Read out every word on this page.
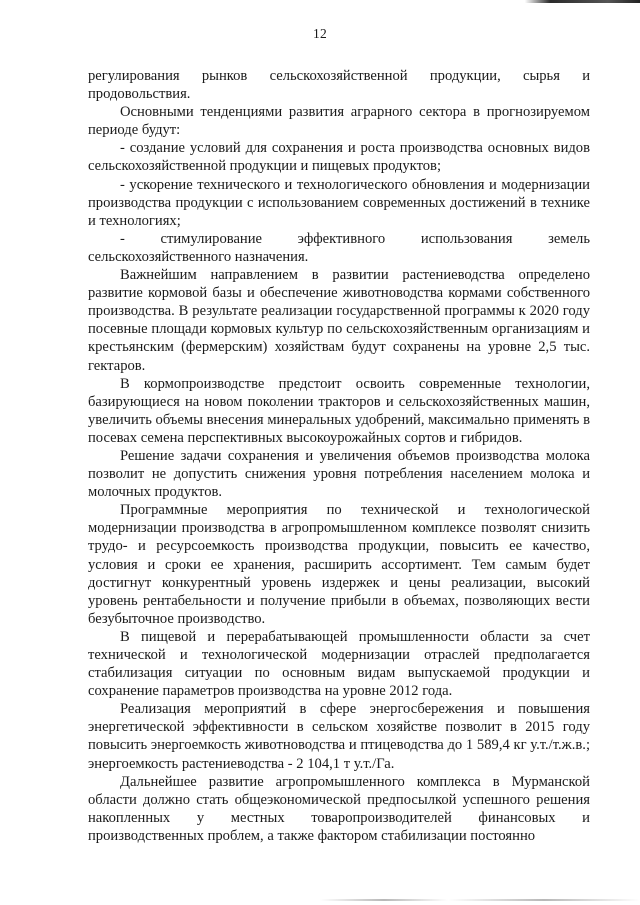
12

регулирования рынков сельскохозяйственной продукции, сырья и продовольствия.

Основными тенденциями развития аграрного сектора в прогнозируемом периоде будут:

- создание условий для сохранения и роста производства основных видов сельскохозяйственной продукции и пищевых продуктов;

- ускорение технического и технологического обновления и модернизации производства продукции с использованием современных достижений в технике и технологиях;

- стимулирование эффективного использования земель сельскохозяйственного назначения.

Важнейшим направлением в развитии растениеводства определено развитие кормовой базы и обеспечение животноводства кормами собственного производства. В результате реализации государственной программы к 2020 году посевные площади кормовых культур по сельскохозяйственным организациям и крестьянским (фермерским) хозяйствам будут сохранены на уровне 2,5 тыс. гектаров.

В кормопроизводстве предстоит освоить современные технологии, базирующиеся на новом поколении тракторов и сельскохозяйственных машин, увеличить объемы внесения минеральных удобрений, максимально применять в посевах семена перспективных высокоурожайных сортов и гибридов.

Решение задачи сохранения и увеличения объемов производства молока позволит не допустить снижения уровня потребления населением молока и молочных продуктов.

Программные мероприятия по технической и технологической модернизации производства в агропромышленном комплексе позволят снизить трудо- и ресурсоемкость производства продукции, повысить ее качество, условия и сроки ее хранения, расширить ассортимент. Тем самым будет достигнут конкурентный уровень издержек и цены реализации, высокий уровень рентабельности и получение прибыли в объемах, позволяющих вести безубыточное производство.

В пищевой и перерабатывающей промышленности области за счет технической и технологической модернизации отраслей предполагается стабилизация ситуации по основным видам выпускаемой продукции и сохранение параметров производства на уровне 2012 года.

Реализация мероприятий в сфере энергосбережения и повышения энергетической эффективности в сельском хозяйстве позволит в 2015 году повысить энергоемкость животноводства и птицеводства до 1 589,4 кг у.т./т.ж.в.; энергоемкость растениеводства - 2 104,1 т у.т./Га.

Дальнейшее развитие агропромышленного комплекса в Мурманской области должно стать общеэкономической предпосылкой успешного решения накопленных у местных товаропроизводителей финансовых и производственных проблем, а также фактором стабилизации постоянно
